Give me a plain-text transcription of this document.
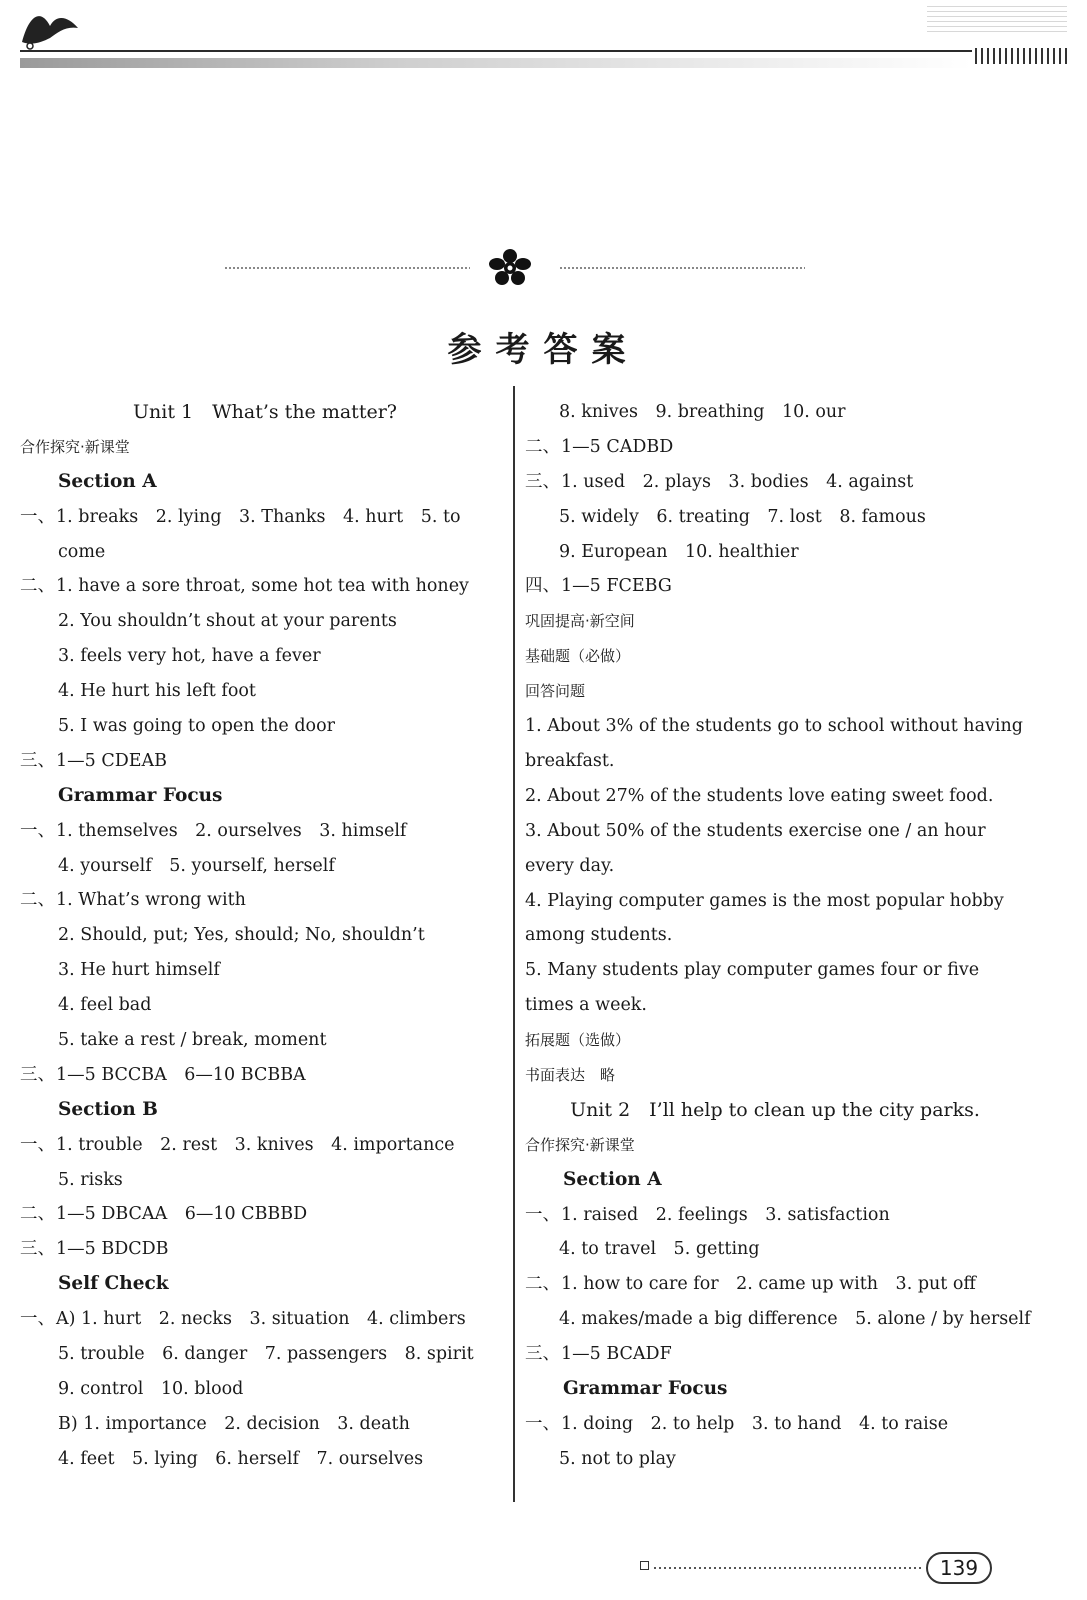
参考答案
Unit 1　What’s the matter?
合作探究·新课堂
Section A
一、1. breaks　2. lying　3. Thanks　4. hurt　5. to
come
二、1. have a sore throat, some hot tea with honey
2. You shouldn’t shout at your parents
3. feels very hot, have a fever
4. He hurt his left foot
5. I was going to open the door
三、1—5 CDEAB
Grammar Focus
一、1. themselves　2. ourselves　3. himself
4. yourself　5. yourself, herself
二、1. What’s wrong with
2. Should, put; Yes, should; No, shouldn’t
3. He hurt himself
4. feel bad
5. take a rest / break, moment
三、1—5 BCCBA　6—10 BCBBA
Section B
一、1. trouble　2. rest　3. knives　4. importance
5. risks
二、1—5 DBCAA　6—10 CBBBD
三、1—5 BDCDB
Self Check
一、A) 1. hurt　2. necks　3. situation　4. climbers
5. trouble　6. danger　7. passengers　8. spirit
9. control　10. blood
B) 1. importance　2. decision　3. death
4. feet　5. lying　6. herself　7. ourselves
8. knives　9. breathing　10. our
二、1—5 CADBD
三、1. used　2. plays　3. bodies　4. against
5. widely　6. treating　7. lost　8. famous
9. European　10. healthier
四、1—5 FCEBG
巩固提高·新空间
基础题（必做）
回答问题
1. About 3% of the students go to school without having breakfast.
2. About 27% of the students love eating sweet food.
3. About 50% of the students exercise one / an hour every day.
4. Playing computer games is the most popular hobby among students.
5. Many students play computer games four or five times a week.
拓展题（选做）
书面表达　略
Unit 2　I’ll help to clean up the city parks.
合作探究·新课堂
Section A
一、1. raised　2. feelings　3. satisfaction
4. to travel　5. getting
二、1. how to care for　2. came up with　3. put off
4. makes/made a big difference　5. alone / by herself
三、1—5 BCADF
Grammar Focus
一、1. doing　2. to help　3. to hand　4. to raise
5. not to play
139
